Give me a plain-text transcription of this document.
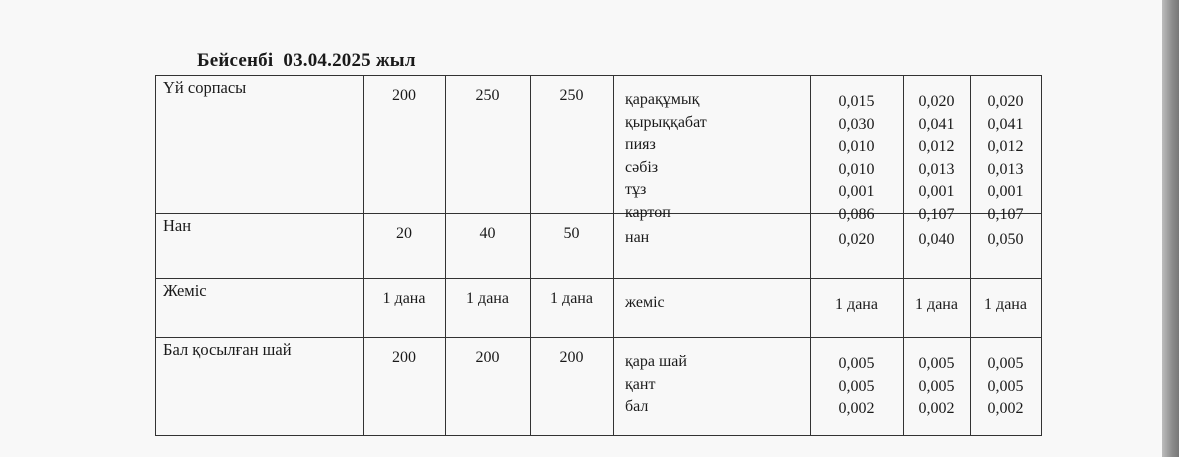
Бейсенбі 03.04.2025 жыл
Үй сорпасы	200	250	250	қарақұмық	0,015	0,020	0,020
қырыққабат	0,030	0,041	0,041
пияз	0,010	0,012	0,012
сәбіз	0,010	0,013	0,013
тұз	0,001	0,001	0,001
картоп	0,086	0,107	0,107
Нан	20	40	50	нан	0,020	0,040	0,050
Жеміс	1 дана	1 дана	1 дана	жеміс	1 дана	1 дана	1 дана
Бал қосылған шай	200	200	200	қара шай	0,005	0,005	0,005
қант	0,005	0,005	0,005
бал	0,002	0,002	0,002
